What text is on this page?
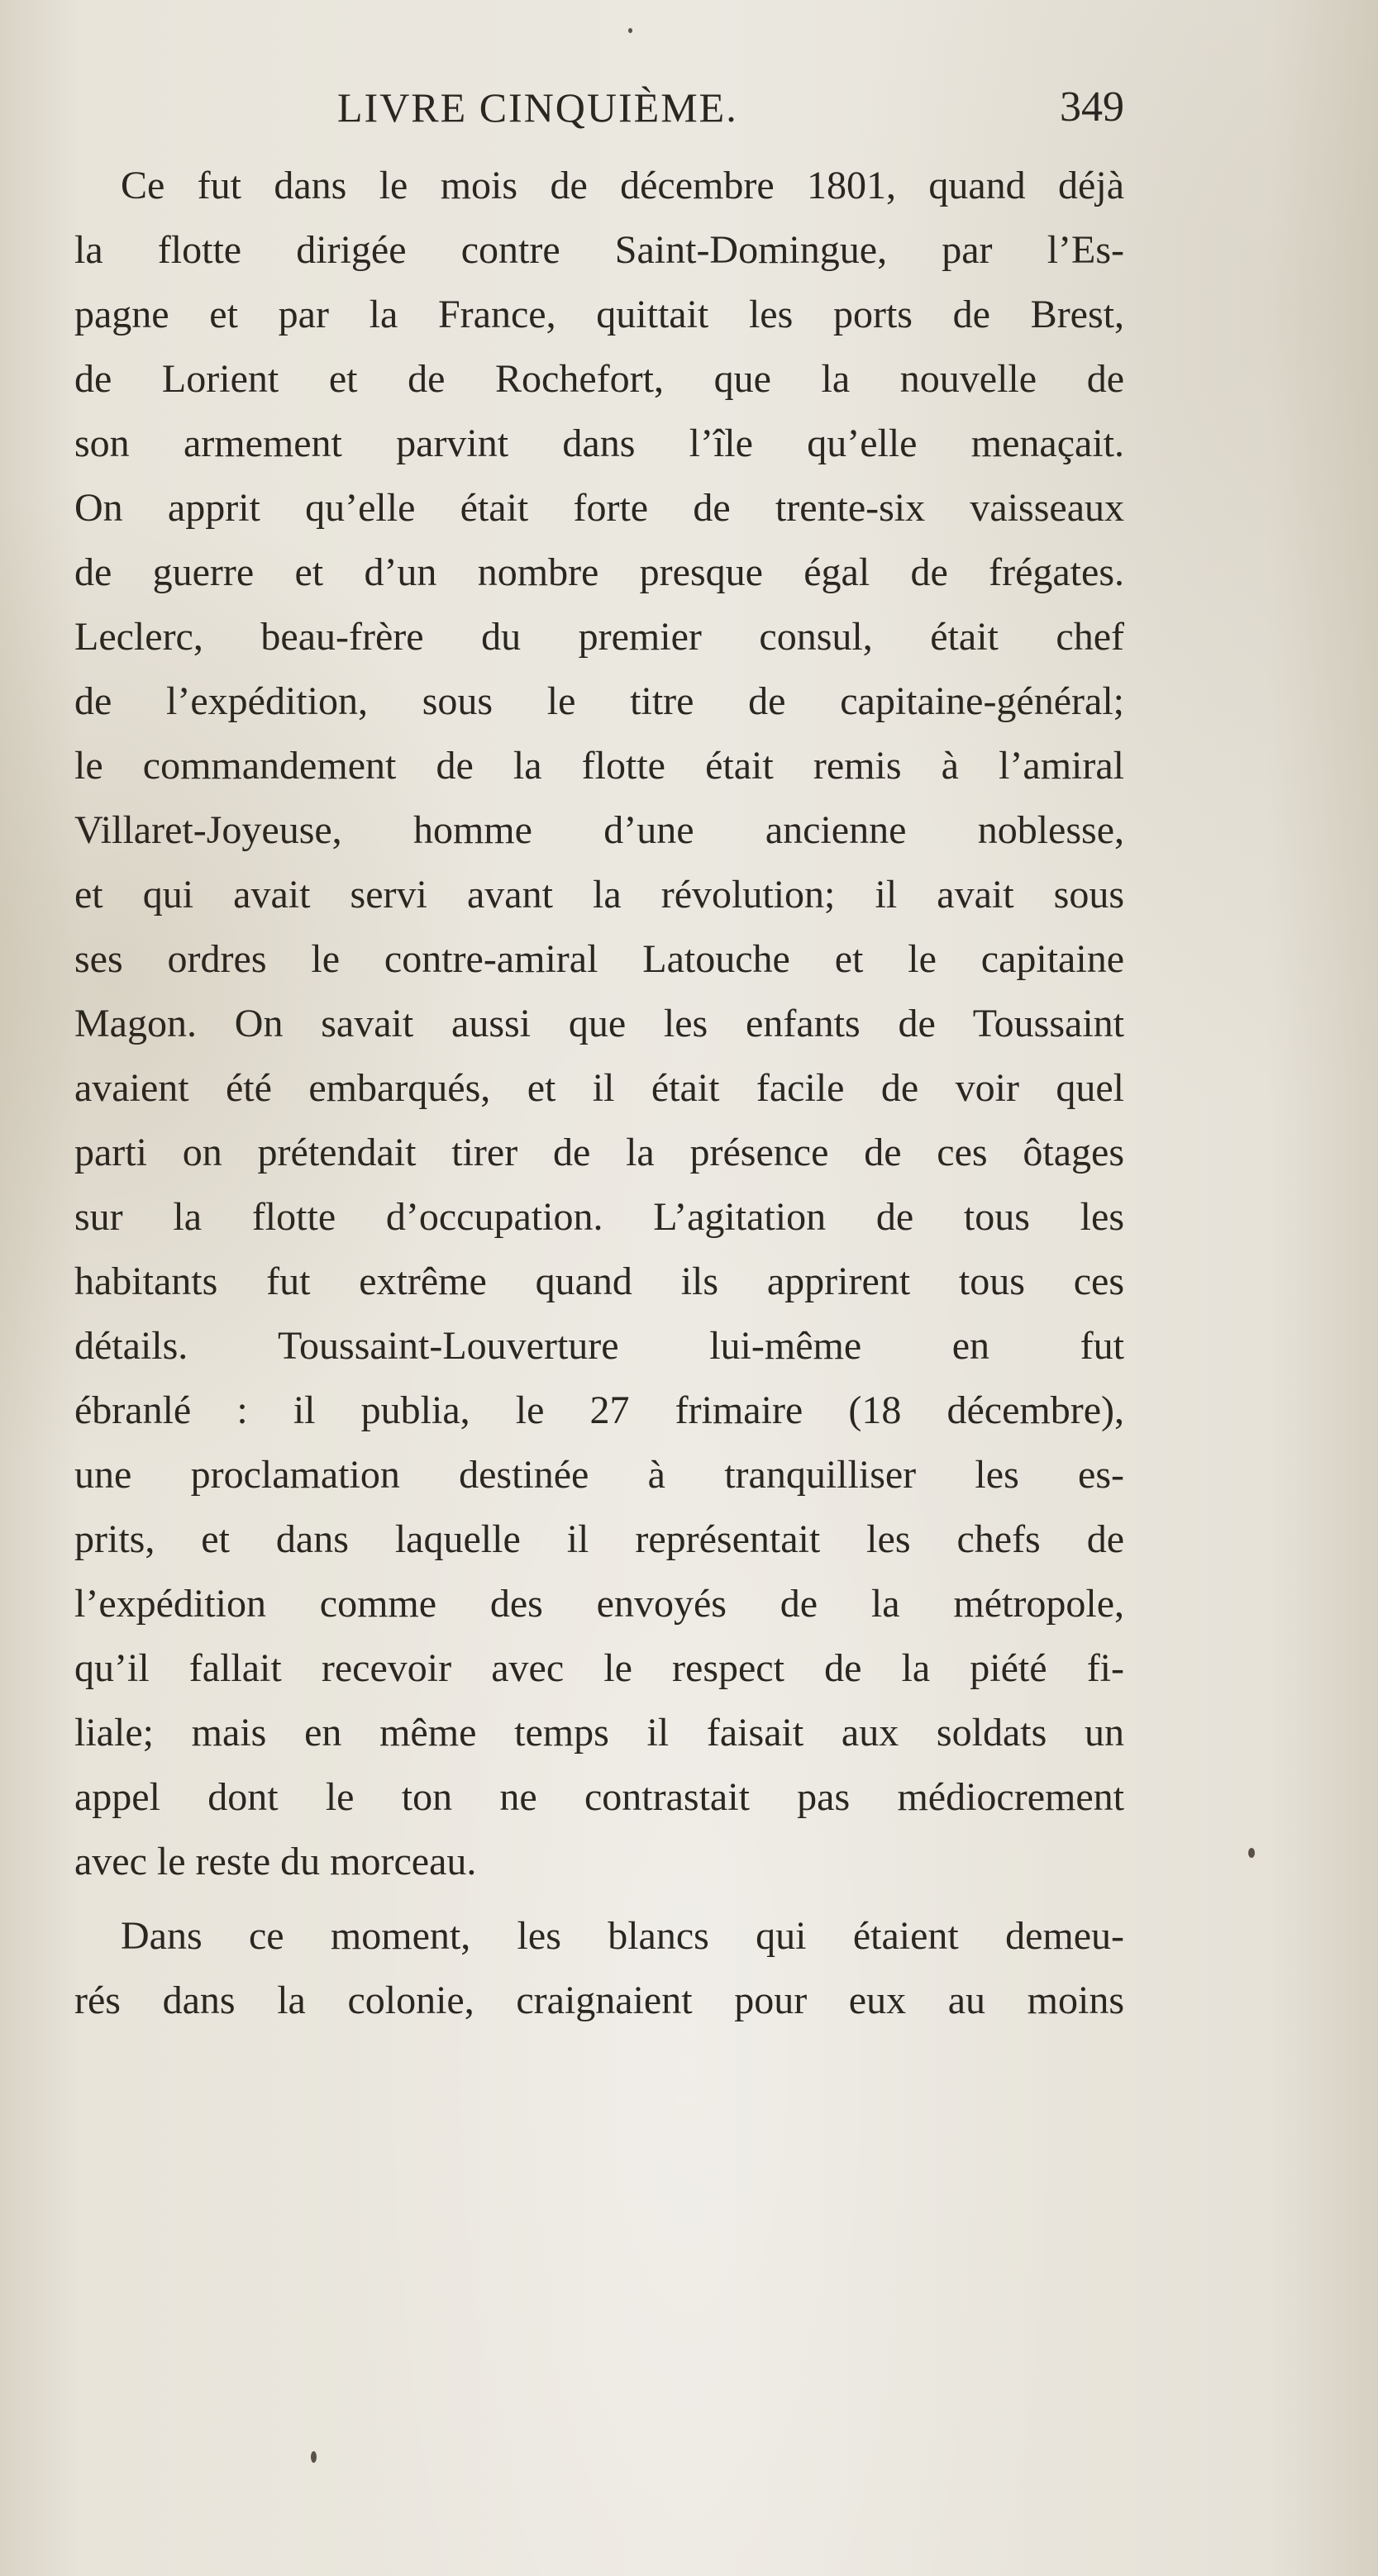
LIVRE CINQUIÈME.	349
Ce fut dans le mois de décembre 1801, quand déjà
la flotte dirigée contre Saint-Domingue, par l’Es-
pagne et par la France, quittait les ports de Brest,
de Lorient et de Rochefort, que la nouvelle de
son armement parvint dans l’île qu’elle menaçait.
On apprit qu’elle était forte de trente-six vaisseaux
de guerre et d’un nombre presque égal de frégates.
Leclerc, beau-frère du premier consul, était chef
de l’expédition, sous le titre de capitaine-général;
le commandement de la flotte était remis à l’amiral
Villaret-Joyeuse, homme d’une ancienne noblesse,
et qui avait servi avant la révolution; il avait sous
ses ordres le contre-amiral Latouche et le capitaine
Magon. On savait aussi que les enfants de Toussaint
avaient été embarqués, et il était facile de voir quel
parti on prétendait tirer de la présence de ces ôtages
sur la flotte d’occupation. L’agitation de tous les
habitants fut extrême quand ils apprirent tous ces
détails. Toussaint-Louverture lui-même en fut
ébranlé : il publia, le 27 frimaire (18 décembre),
une proclamation destinée à tranquilliser les es-
prits, et dans laquelle il représentait les chefs de
l’expédition comme des envoyés de la métropole,
qu’il fallait recevoir avec le respect de la piété fi-
liale; mais en même temps il faisait aux soldats un
appel dont le ton ne contrastait pas médiocrement
avec le reste du morceau.
Dans ce moment, les blancs qui étaient demeu-
rés dans la colonie, craignaient pour eux au moins
